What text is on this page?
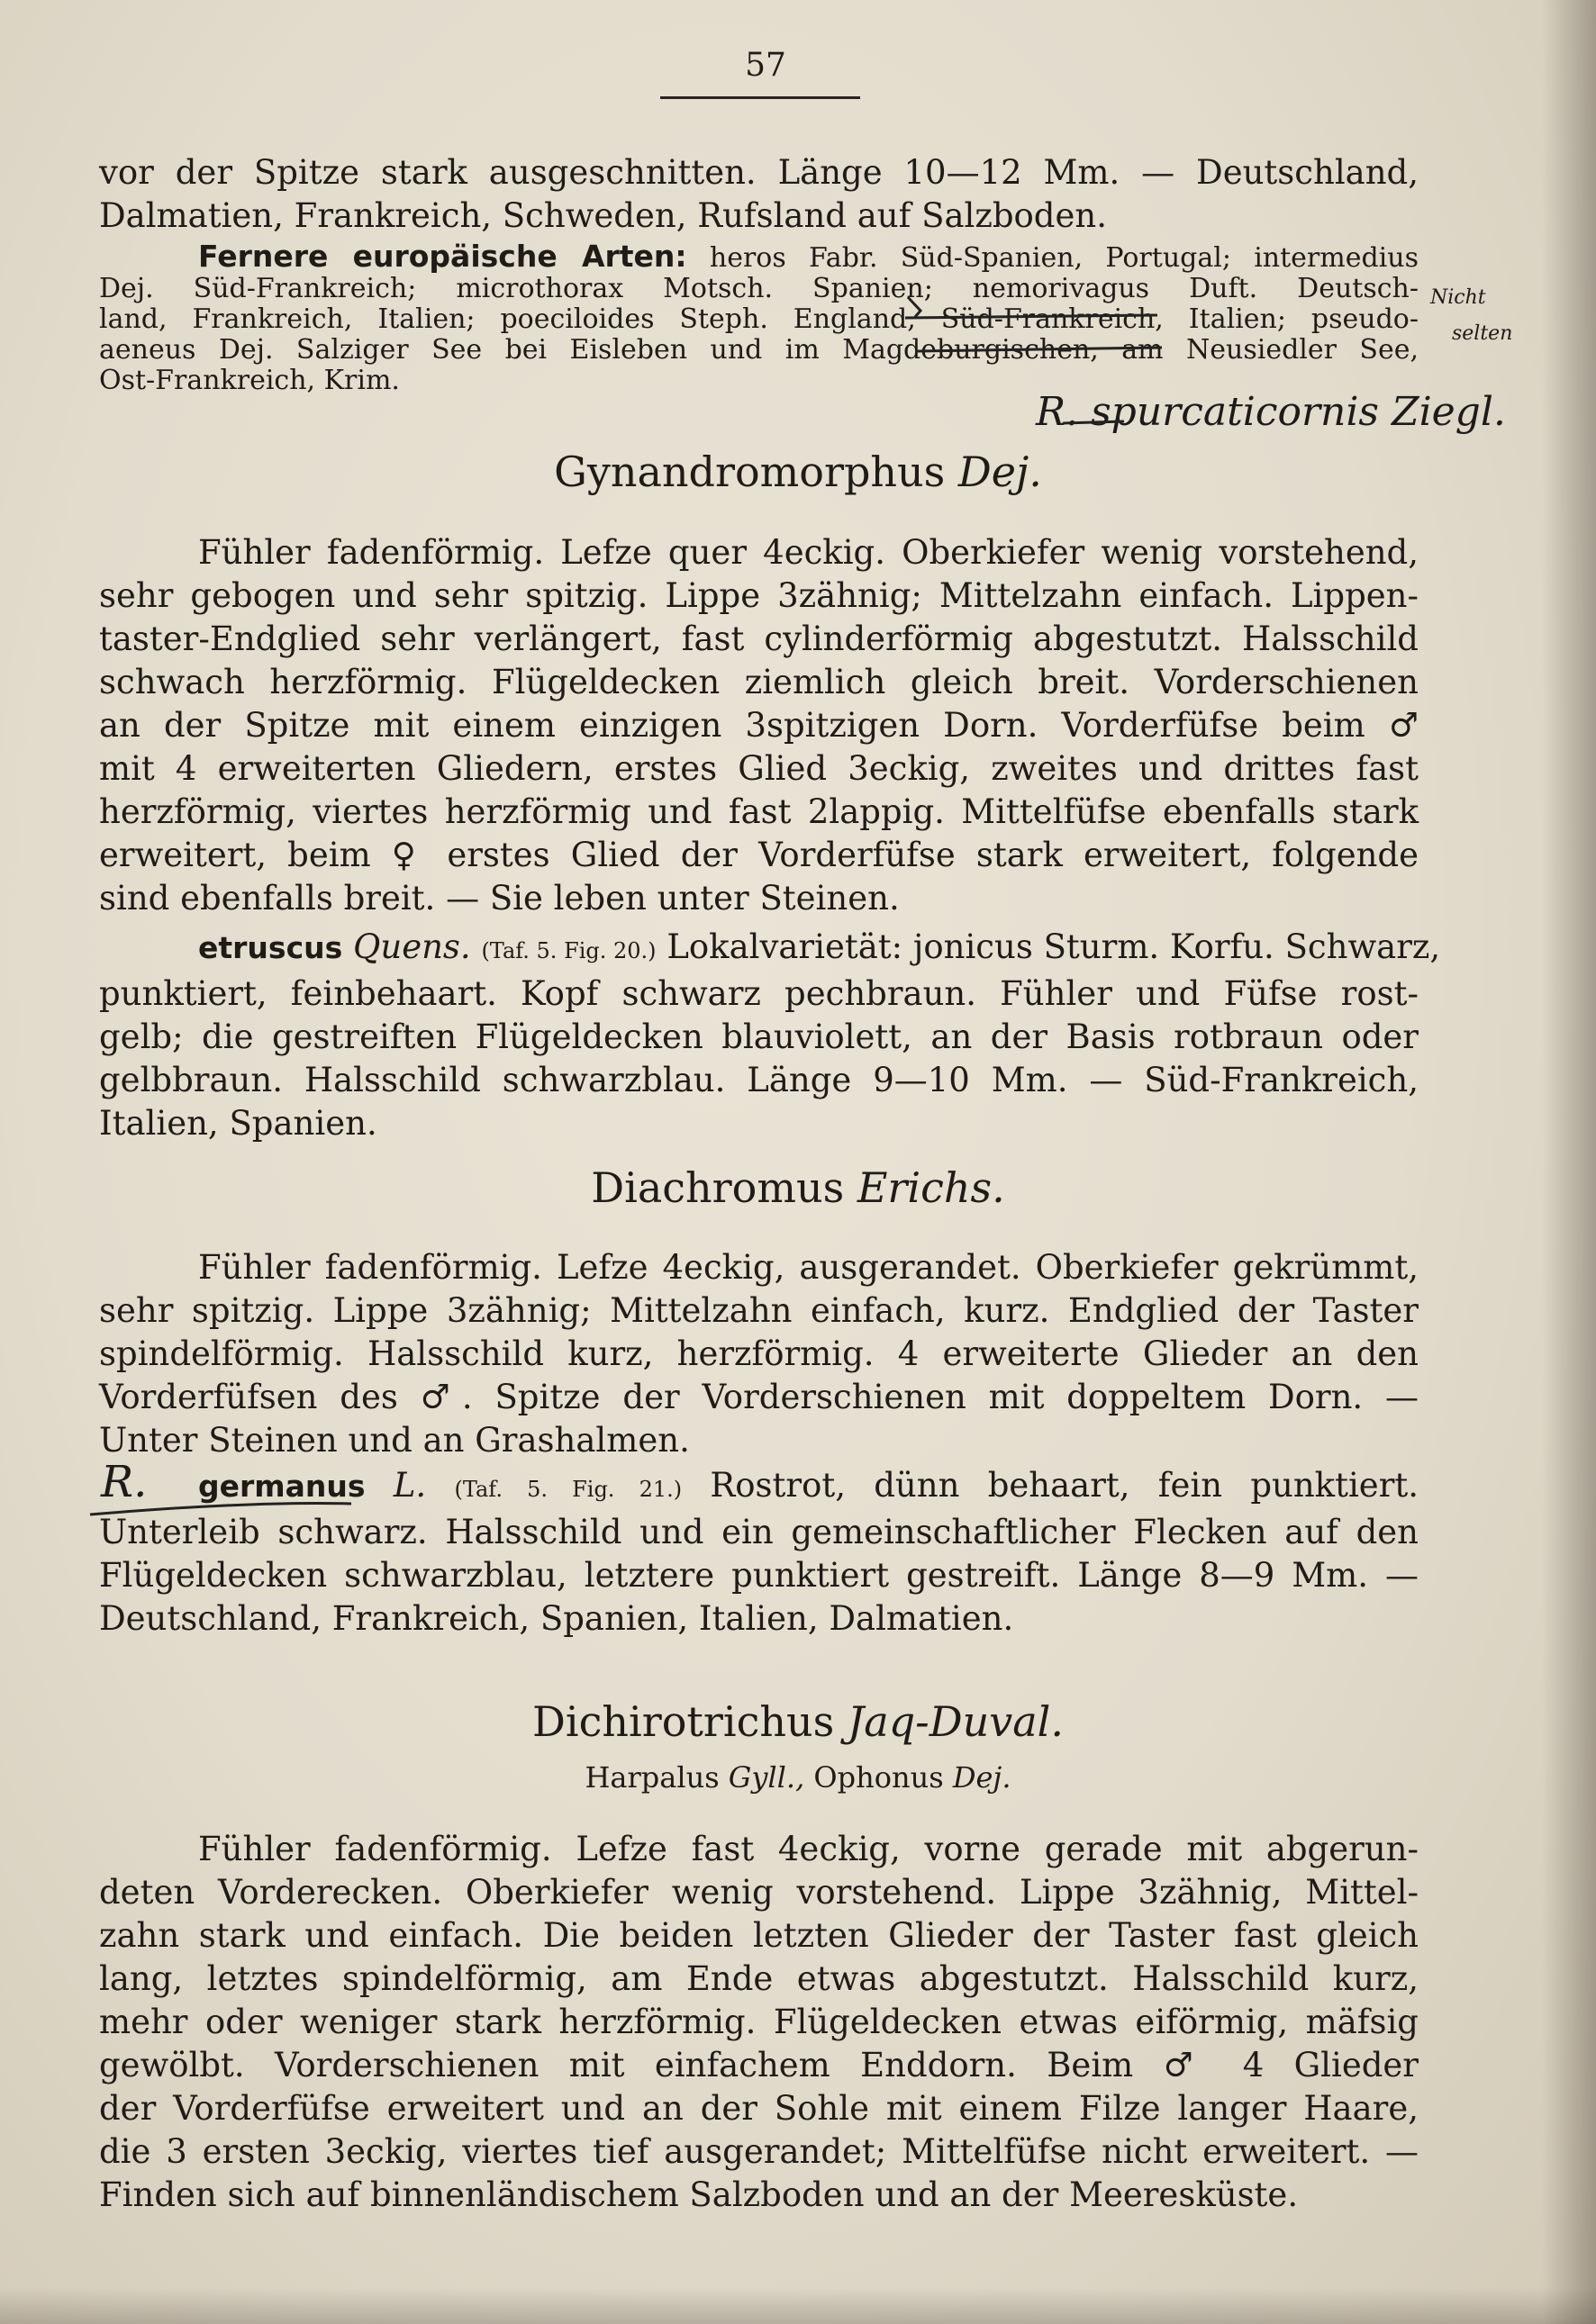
57
vor der Spitze stark ausgeschnitten. Länge 10—12 Mm. — Deutschland,
Dalmatien, Frankreich, Schweden, Rufsland auf Salzboden.
Fernere europäische Arten: heros Fabr. Süd-Spanien, Portugal; intermedius
Dej. Süd-Frankreich; microthorax Motsch. Spanien; nemorivagus Duft. Deutsch-
land, Frankreich, Italien; poeciloides Steph. England, Süd-Frankreich, Italien; pseudo-
aeneus Dej. Salziger See bei Eisleben und im Magdeburgischen, am Neusiedler See,
Ost-Frankreich, Krim.
R. spurcaticornis Ziegl.
Nicht
selten
Gynandromorphus Dej.
Fühler fadenförmig. Lefze quer 4eckig. Oberkiefer wenig vorstehend,
sehr gebogen und sehr spitzig. Lippe 3zähnig; Mittelzahn einfach. Lippen-
taster-Endglied sehr verlängert, fast cylinderförmig abgestutzt. Halsschild
schwach herzförmig. Flügeldecken ziemlich gleich breit. Vorderschienen
an der Spitze mit einem einzigen 3spitzigen Dorn. Vorderfüfse beim ♂
mit 4 erweiterten Gliedern, erstes Glied 3eckig, zweites und drittes fast
herzförmig, viertes herzförmig und fast 2lappig. Mittelfüfse ebenfalls stark
erweitert, beim ♀ erstes Glied der Vorderfüfse stark erweitert, folgende
sind ebenfalls breit. — Sie leben unter Steinen.
etruscus Quens. (Taf. 5. Fig. 20.) Lokalvarietät: jonicus Sturm. Korfu. Schwarz,
punktiert, feinbehaart. Kopf schwarz pechbraun. Fühler und Füfse rost-
gelb; die gestreiften Flügeldecken blauviolett, an der Basis rotbraun oder
gelbbraun. Halsschild schwarzblau. Länge 9—10 Mm. — Süd-Frankreich,
Italien, Spanien.
Diachromus Erichs.
Fühler fadenförmig. Lefze 4eckig, ausgerandet. Oberkiefer gekrümmt,
sehr spitzig. Lippe 3zähnig; Mittelzahn einfach, kurz. Endglied der Taster
spindelförmig. Halsschild kurz, herzförmig. 4 erweiterte Glieder an den
Vorderfüfsen des ♂. Spitze der Vorderschienen mit doppeltem Dorn. —
Unter Steinen und an Grashalmen.
R.	germanus L. (Taf. 5. Fig. 21.) Rostrot, dünn behaart, fein punktiert.
Unterleib schwarz. Halsschild und ein gemeinschaftlicher Flecken auf den
Flügeldecken schwarzblau, letztere punktiert gestreift. Länge 8—9 Mm. —
Deutschland, Frankreich, Spanien, Italien, Dalmatien.
Dichirotrichus Jaq-Duval.
Harpalus Gyll., Ophonus Dej.
Fühler fadenförmig. Lefze fast 4eckig, vorne gerade mit abgerun-
deten Vorderecken. Oberkiefer wenig vorstehend. Lippe 3zähnig, Mittel-
zahn stark und einfach. Die beiden letzten Glieder der Taster fast gleich
lang, letztes spindelförmig, am Ende etwas abgestutzt. Halsschild kurz,
mehr oder weniger stark herzförmig. Flügeldecken etwas eiförmig, mäfsig
gewölbt. Vorderschienen mit einfachem Enddorn. Beim ♂ 4 Glieder
der Vorderfüfse erweitert und an der Sohle mit einem Filze langer Haare,
die 3 ersten 3eckig, viertes tief ausgerandet; Mittelfüfse nicht erweitert. —
Finden sich auf binnenländischem Salzboden und an der Meeresküste.
